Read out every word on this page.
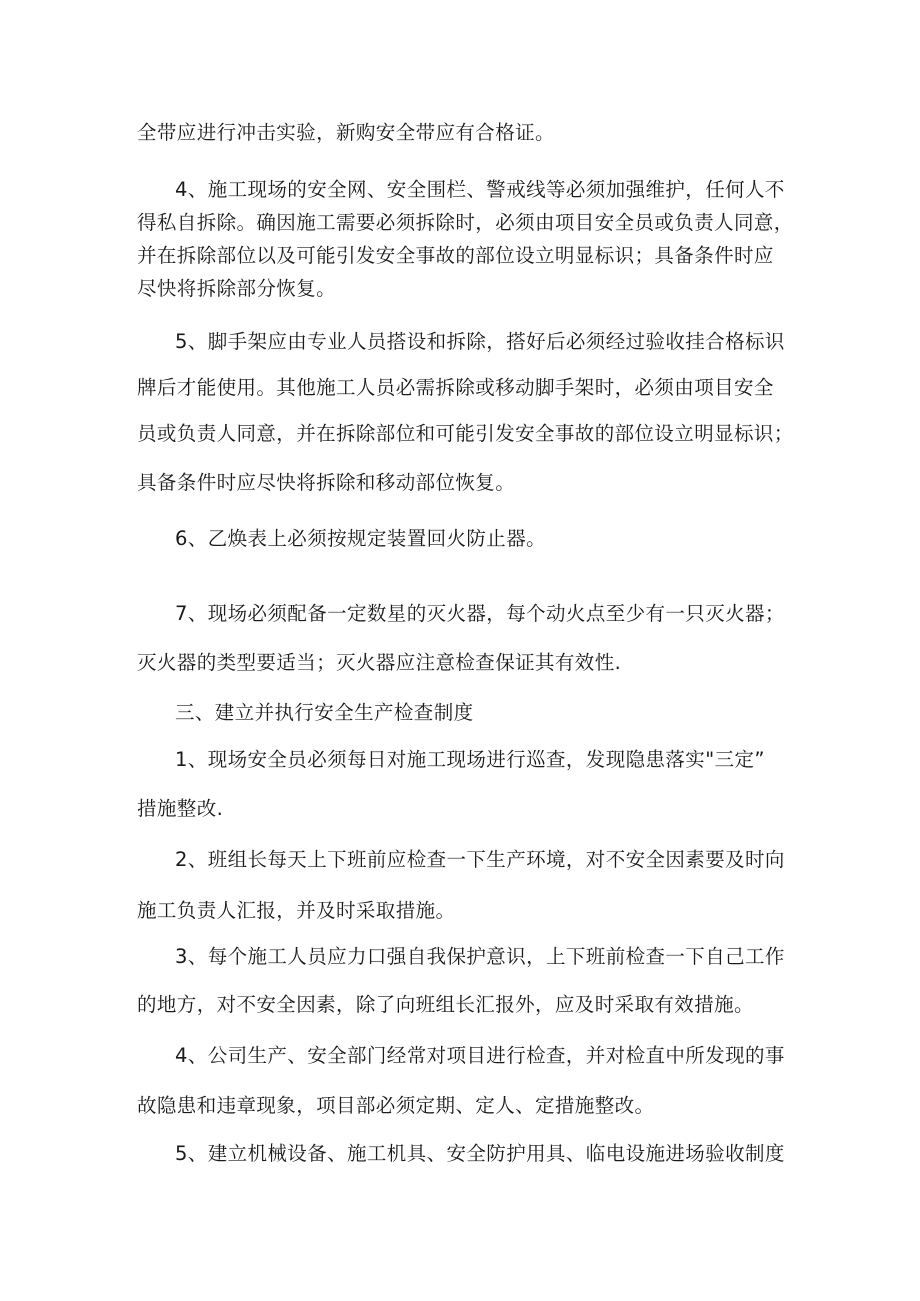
全带应进行冲击实验，新购安全带应有合格证。
4、施工现场的安全网、安全围栏、警戒线等必须加强维护，任何人不
得私自拆除。确因施工需要必须拆除时，必须由项目安全员或负责人同意，
并在拆除部位以及可能引发安全事故的部位设立明显标识；具备条件时应
尽快将拆除部分恢复。
5、脚手架应由专业人员搭设和拆除，搭好后必须经过验收挂合格标识
牌后才能使用。其他施工人员必需拆除或移动脚手架时，必须由项目安全
员或负责人同意，并在拆除部位和可能引发安全事故的部位设立明显标识；
具备条件时应尽快将拆除和移动部位恢复。
6、乙焕表上必须按规定装置回火防止器。
7、现场必须配备一定数星的灭火器，每个动火点至少有一只灭火器；
灭火器的类型要适当；灭火器应注意检查保证其有效性.
三、建立并执行安全生产检查制度
1、现场安全员必须每日对施工现场进行巡查，发现隐患落实"三定”
措施整改.
2、班组长每天上下班前应检查一下生产环境，对不安全因素要及时向
施工负责人汇报，并及时采取措施。
3、每个施工人员应力口强自我保护意识，上下班前检查一下自己工作
的地方，对不安全因素，除了向班组长汇报外，应及时采取有效措施。
4、公司生产、安全部门经常对项目进行检查，并对检直中所发现的事
故隐患和违章现象，项目部必须定期、定人、定措施整改。
5、建立机械设备、施工机具、安全防护用具、临电设施进场验收制度
